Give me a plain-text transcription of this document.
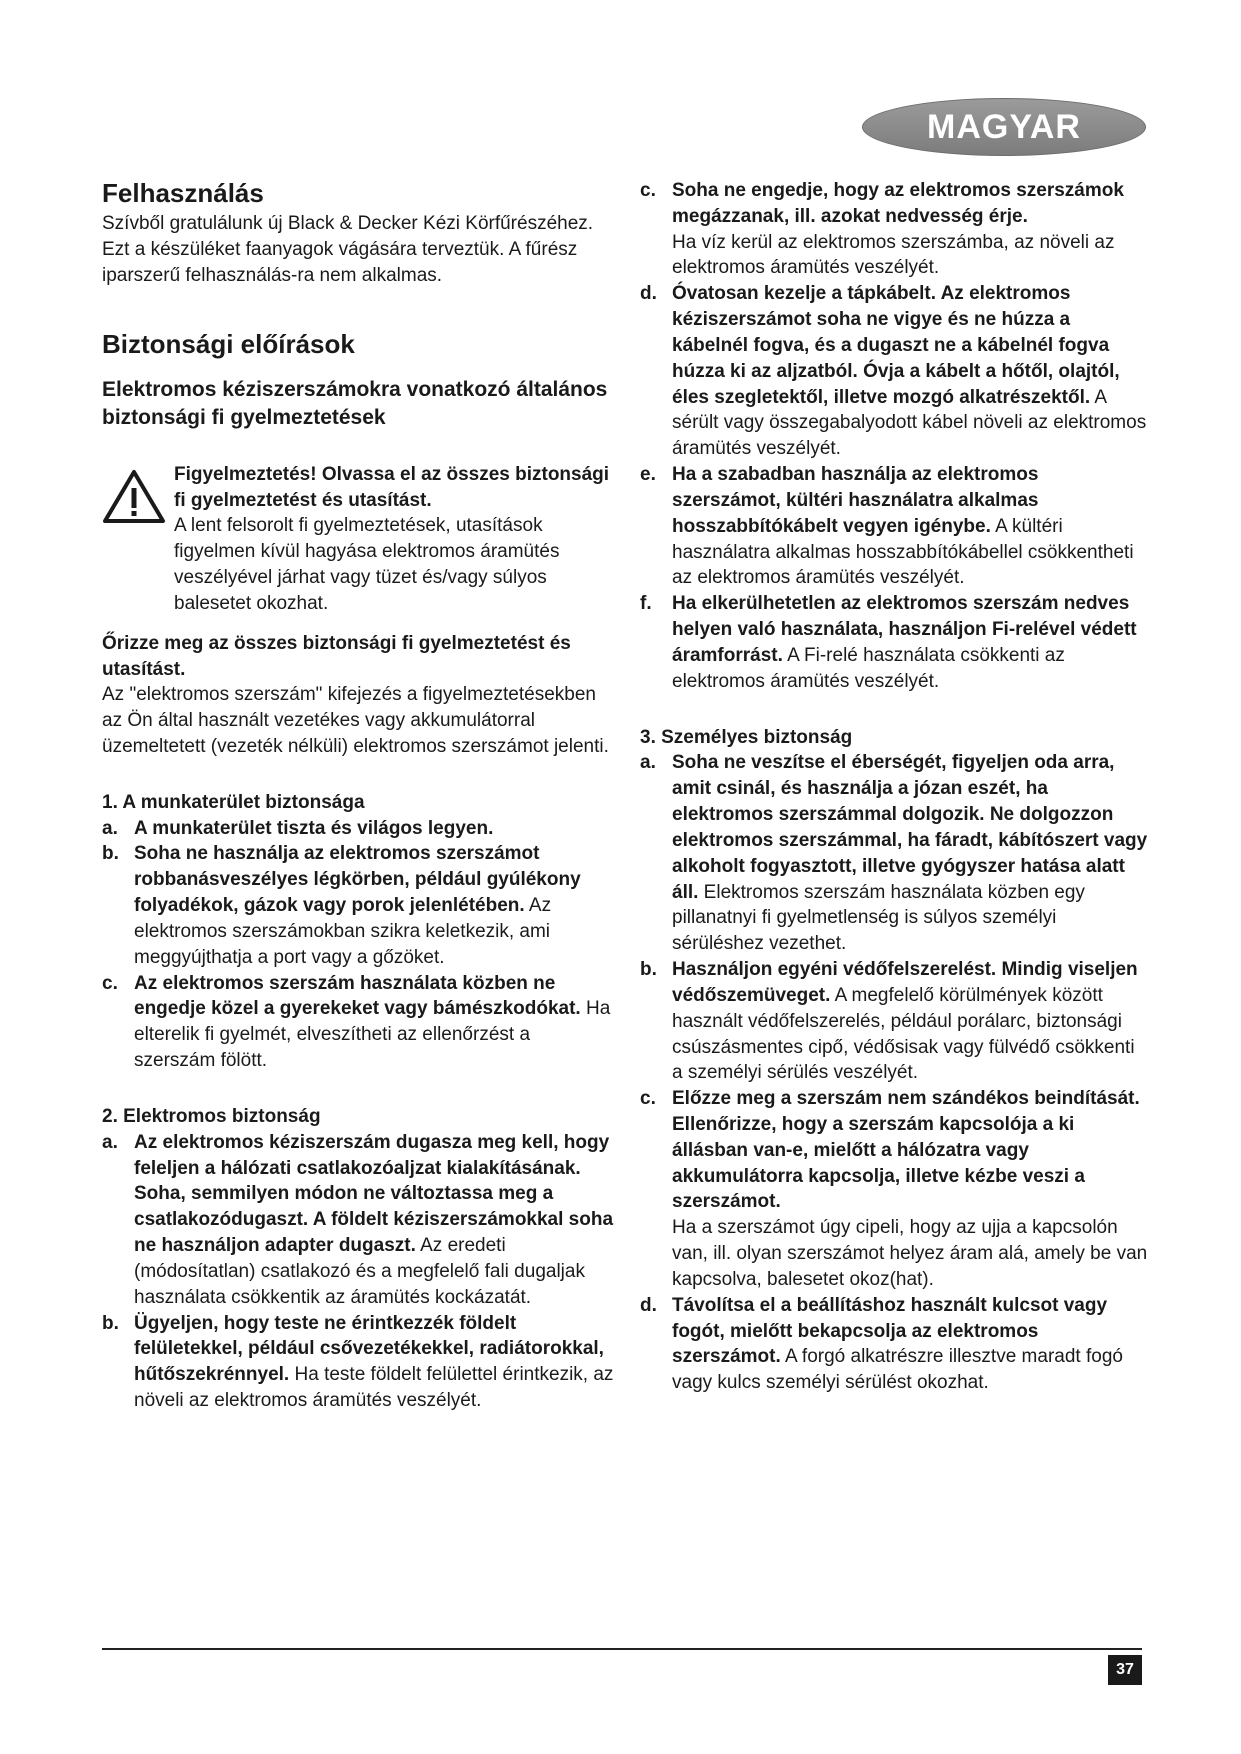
MAGYAR
Felhasználás

Szívből gratulálunk új Black & Decker Kézi Körfűrészéhez. Ezt a készüléket faanyagok vágására terveztük. A fűrész iparszerű felhasználás-ra nem alkalmas.

Biztonsági előírások
Elektromos kéziszerszámokra vonatkozó általános biztonsági fi gyelmeztetések

Figyelmeztetés! Olvassa el az összes biztonsági fi gyelmeztetést és utasítást.

A lent felsorolt fi gyelmeztetések, utasítások figyelmen kívül hagyása elektromos áramütés veszélyével járhat vagy tüzet és/vagy súlyos balesetet okozhat.

Őrizze meg az összes biztonsági fi gyelmeztetést és utasítást.

Az "elektromos szerszám" kifejezés a figyelmeztetésekben az Ön által használt vezetékes vagy akkumulátorral üzemeltetett (vezeték nélküli) elektromos szerszámot jelenti.

1. A munkaterület biztonsága
a. A munkaterület tiszta és világos legyen.

b. Soha ne használja az elektromos szerszámot robbanásveszélyes légkörben, például gyúlékony folyadékok, gázok vagy porok jelenlétében. Az elektromos szerszámokban szikra keletkezik, ami meggyújthatja a port vagy a gőzöket.

c. Az elektromos szerszám használata közben ne engedje közel a gyerekeket vagy bámészkodókat. Ha elterelik fi gyelmét, elveszítheti az ellenőrzést a szerszám fölött.

2. Elektromos biztonság
a. Az elektromos kéziszerszám dugasza meg kell, hogy feleljen a hálózati csatlakozóaljzat kialakításának. Soha, semmilyen módon ne változtassa meg a csatlakozódugaszt. A földelt kéziszerszámokkal soha ne használjon adapter dugaszt. Az eredeti (módosítatlan) csatlakozó és a megfelelő fali dugaljak használata csökkentik az áramütés kockázatát.

b. Ügyeljen, hogy teste ne érintkezzék földelt felületekkel, például csővezetékekkel, radiátorokkal, hűtőszekrénnyel. Ha teste földelt felülettel érintkezik, az növeli az elektromos áramütés veszélyét.

c. Soha ne engedje, hogy az elektromos szerszámok megázzanak, ill. azokat nedvesség érje.

Ha víz kerül az elektromos szerszámba, az növeli az elektromos áramütés veszélyét.

d. Óvatosan kezelje a tápkábelt. Az elektromos kéziszerszámot soha ne vigye és ne húzza a kábelnél fogva, és a dugaszt ne a kábelnél fogva húzza ki az aljzatból. Óvja a kábelt a hőtől, olajtól, éles szegletektől, illetve mozgó alkatrészektől. A sérült vagy összegabalyodott kábel növeli az elektromos áramütés veszélyét.

e. Ha a szabadban használja az elektromos szerszámot, kültéri használatra alkalmas hosszabbítókábelt vegyen igénybe. A kültéri használatra alkalmas hosszabbítókábellel csökkentheti az elektromos áramütés veszélyét.

f.	Ha elkerülhetetlen az elektromos szerszám nedves helyen való használata, használjon Fi-relével védett áramforrást. A Fi-relé használata csökkenti az elektromos áramütés veszélyét.

3. Személyes biztonság
a. Soha ne veszítse el éberségét, figyeljen oda arra, amit csinál, és használja a józan eszét, ha elektromos szerszámmal dolgozik. Ne dolgozzon elektromos szerszámmal, ha fáradt, kábítószert vagy alkoholt fogyasztott, illetve gyógyszer hatása alatt áll. Elektromos szerszám használata közben egy pillanatnyi fi gyelmetlenség is súlyos személyi sérüléshez vezethet.

b. Használjon egyéni védőfelszerelést. Mindig viseljen védőszemüveget. A megfelelő körülmények között használt védőfelszerelés, például porálarc, biztonsági csúszásmentes cipő, védősisak vagy fülvédő csökkenti a személyi sérülés veszélyét.

c. Előzze meg a szerszám nem szándékos beindítását. Ellenőrizze, hogy a szerszám kapcsolója a ki állásban van-e, mielőtt a hálózatra vagy akkumulátorra kapcsolja, illetve kézbe veszi a szerszámot.

Ha a szerszámot úgy cipeli, hogy az ujja a kapcsolón van, ill. olyan szerszámot helyez áram alá, amely be van kapcsolva, balesetet okoz(hat).

d. Távolítsa el a beállításhoz használt kulcsot vagy fogót, mielőtt bekapcsolja az elektromos szerszámot. A forgó alkatrészre illesztve maradt fogó vagy kulcs személyi sérülést okozhat.

37
